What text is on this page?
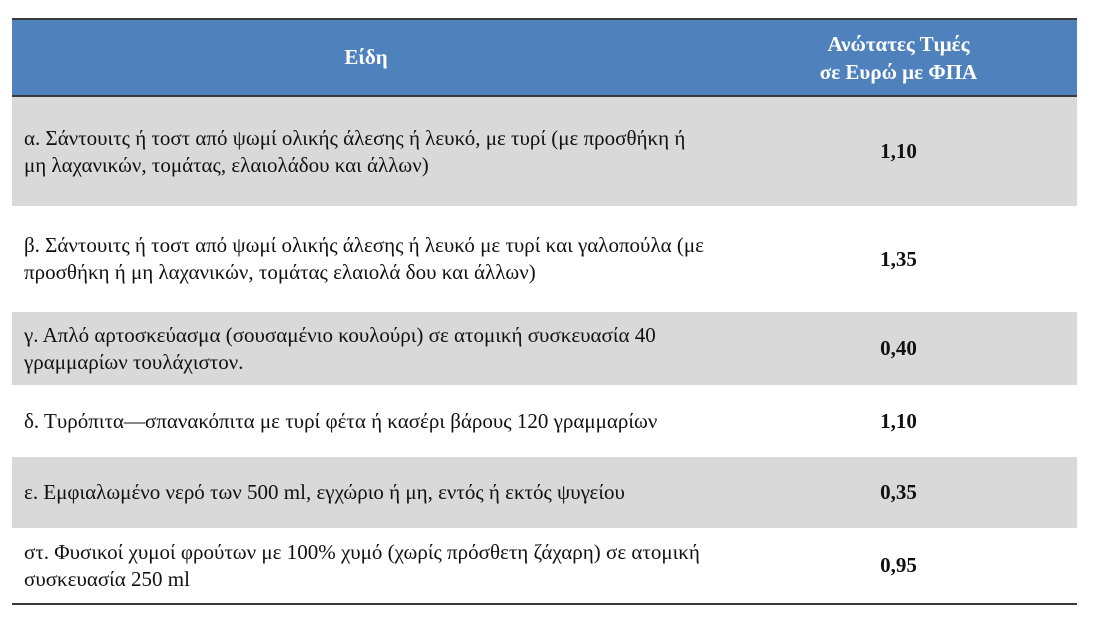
Είδη
Ανώτατες Τιμές
σε Ευρώ με ΦΠΑ
α. Σάντουιτς ή τοστ από ψωμί ολικής άλεσης ή λευκό, με τυρί (με προσθήκη ή μη λαχανικών, τομάτας, ελαιολάδου και άλλων)
1,10
β. Σάντουιτς ή τοστ από ψωμί ολικής άλεσης ή λευκό με τυρί και γαλοπούλα (με προσθήκη ή μη λαχανικών, τομάτας ελαιολά δου και άλλων)
1,35
γ. Απλό αρτοσκεύασμα (σουσαμένιο κουλούρι) σε ατομική συσκευασία 40 γραμμαρίων τουλάχιστον.
0,40
δ. Τυρόπιτα—σπανακόπιτα με τυρί φέτα ή κασέρι βάρους 120 γραμμαρίων	1,10
ε. Εμφιαλωμένο νερό των 500 ml, εγχώριο ή μη, εντός ή εκτός ψυγείου	0,35
στ. Φυσικοί χυμοί φρούτων με 100% χυμό (χωρίς πρόσθετη ζάχαρη) σε ατομική συσκευασία 250 ml
0,95
